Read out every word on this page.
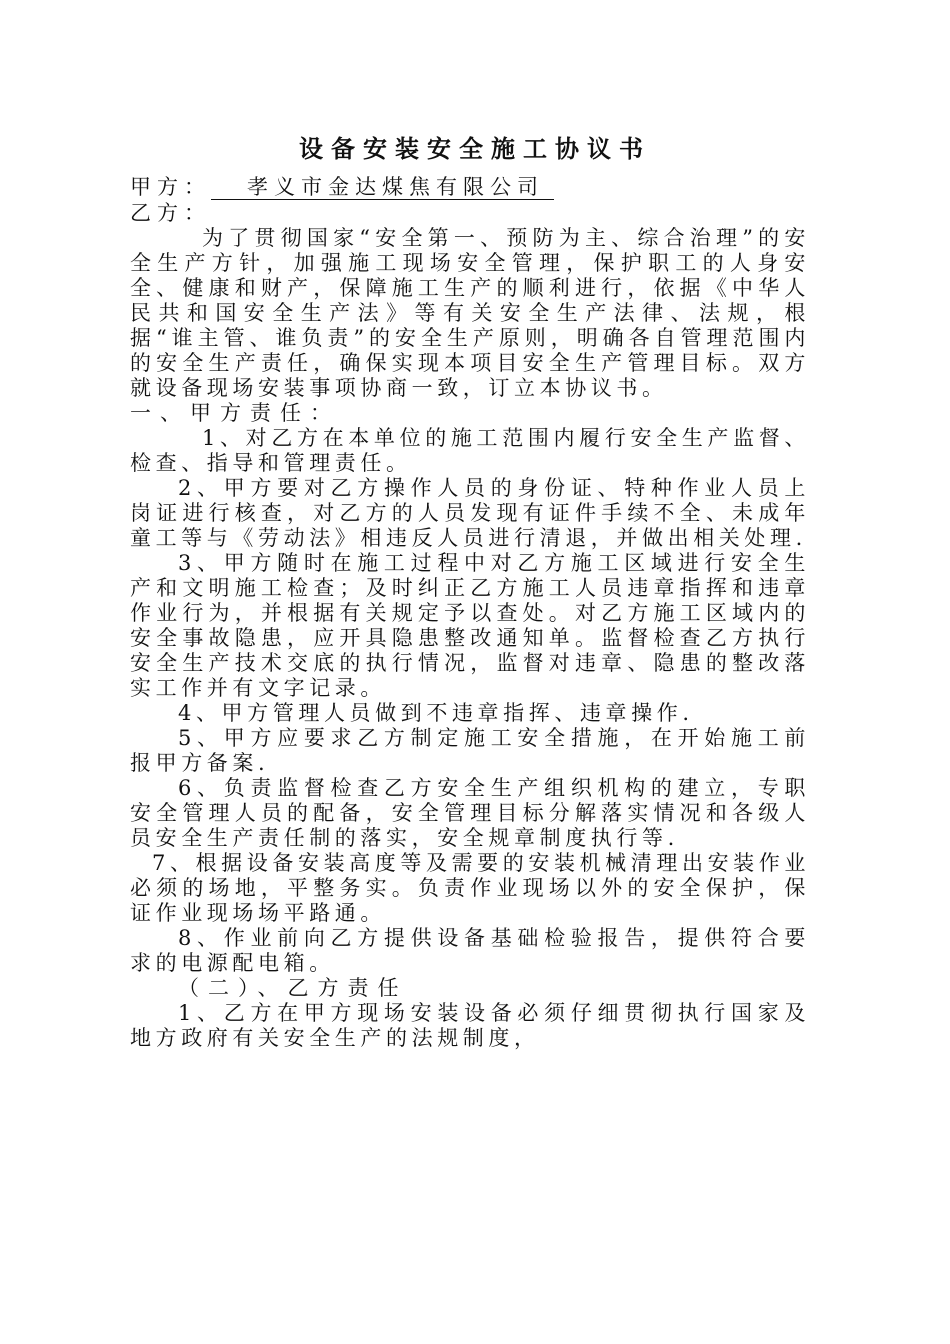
设备安装安全施工协议书
甲方： 孝义市金达煤焦有限公司
乙方：

为了贯彻国家“安全第一、预防为主、综合治理”的安全生产方针，加强施工现场安全管理，保护职工的人身安全、健康和财产，保障施工生产的顺利进行，依据《中华人民共和国安全生产法》等有关安全生产法律、法规，根据“谁主管、谁负责”的安全生产原则，明确各自管理范围内的安全生产责任，确保实现本项目安全生产管理目标。双方就设备现场安装事项协商一致，订立本协议书。

一、甲方责任：

1、对乙方在本单位的施工范围内履行安全生产监督、检查、指导和管理责任。

2、甲方要对乙方操作人员的身份证、特种作业人员上岗证进行核查，对乙方的人员发现有证件手续不全、未成年童工等与《劳动法》相违反人员进行清退，并做出相关处理.

3、甲方随时在施工过程中对乙方施工区域进行安全生产和文明施工检查；及时纠正乙方施工人员违章指挥和违章作业行为，并根据有关规定予以查处。对乙方施工区域内的安全事故隐患，应开具隐患整改通知单。监督检查乙方执行安全生产技术交底的执行情况，监督对违章、隐患的整改落实工作并有文字记录。

4、甲方管理人员做到不违章指挥、违章操作.

5、甲方应要求乙方制定施工安全措施，在开始施工前报甲方备案.

6、负责监督检查乙方安全生产组织机构的建立，专职安全管理人员的配备，安全管理目标分解落实情况和各级人员安全生产责任制的落实，安全规章制度执行等.

7、根据设备安装高度等及需要的安装机械清理出安装作业必须的场地，平整务实。负责作业现场以外的安全保护，保证作业现场场平路通。

8、作业前向乙方提供设备基础检验报告，提供符合要求的电源配电箱。

（二）、乙方责任

1、乙方在甲方现场安装设备必须仔细贯彻执行国家及地方政府有关安全生产的法规制度，
